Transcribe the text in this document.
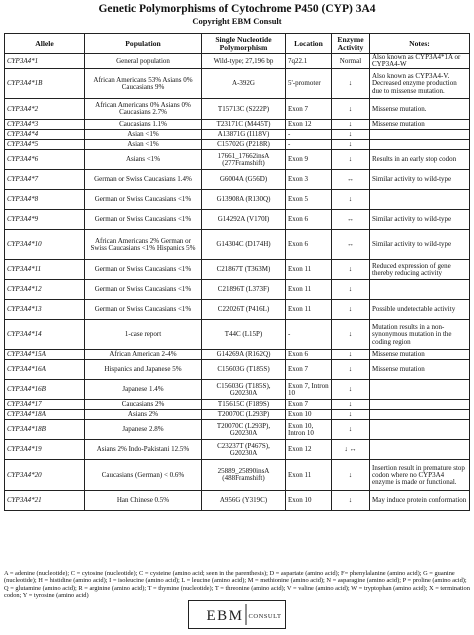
Genetic Polymorphisms of Cytochrome P450 (CYP) 3A4
Copyright EBM Consult
Allele	Population	Single Nucleotide Polymorphism	Location	Enzyme Activity	Notes:
CYP3A4*1	General population	Wild-type; 27,196 bp	7q22.1	Normal	Also known as CYP3A4*1A or CYP3A4-W
CYP3A4*1B	African Americans 53% Asians 0% Caucasians 9%	A-392G	5'-promoter	↓	Also known as CYP3A4-V. Decreased enzyme production due to missense mutation.
CYP3A4*2	African Americans 0% Asians 0% Caucasians 2.7%	T15713C (S222P)	Exon 7	↓	Missense mutation.
CYP3A4*3	Caucasians 1.1%	T23171C (M445T)	Exon 12	↓	Missense mutation
CYP3A4*4	Asian <1%	A13871G (I118V)	-	↓	
CYP3A4*5	Asian <1%	C15702G (P218R)	-	↓	
CYP3A4*6	Asians <1%	17661_17662insA (277Framshift)	Exon 9	↓	Results in an early stop codon
CYP3A4*7	German or Swiss Caucasians 1.4%	G6004A (G56D)	Exon 3	↔	Similar activity to wild-type
CYP3A4*8	German or Swiss Caucasians <1%	G13908A (R130Q)	Exon 5	↓	
CYP3A4*9	German or Swiss Caucasians <1%	G14292A (V170I)	Exon 6	↔	Similar activity to wild-type
CYP3A4*10	African Americans 2% German or Swiss Caucasians <1% Hispanics 5%	G14304C (D174H)	Exon 6	↔	Similar activity to wild-type
CYP3A4*11	German or Swiss Caucasians <1%	C21867T (T363M)	Exon 11	↓	Reduced expression of gene thereby reducing activity
CYP3A4*12	German or Swiss Caucasians <1%	C21896T (L373F)	Exon 11	↓	
CYP3A4*13	German or Swiss Caucasians <1%	C22026T (P416L)	Exon 11	↓	Possible undetectable activity
CYP3A4*14	1-case report	T44C (L15P)	-	↓	Mutation results in a non-synonymous mutation in the coding region
CYP3A4*15A	African American 2-4%	G14269A (R162Q)	Exon 6	↓	Missense mutation
CYP3A4*16A	Hispanics and Japanese 5%	C15603G (T185S)	Exon 7	↓	Missense mutation
CYP3A4*16B	Japanese 1.4%	C15603G (T185S), G20230A	Exon 7, Intron 10	↓	
CYP3A4*17	Caucasians 2%	T15615C (F189S)	Exon 7	↓	
CYP3A4*18A	Asians 2%	T20070C (L293P)	Exon 10	↓	
CYP3A4*18B	Japanese 2.8%	T20070C (L293P), G20230A	Exon 10, Intron 10	↓	
CYP3A4*19	Asians 2% Indo-Pakistani 12.5%	C23237T (P467S), G20230A	Exon 12	↓ ↔	
CYP3A4*20	Caucasians (German) < 0.6%	25889_25890insA (488Framshift)	Exon 11	↓	Insertion result in premature stop codon where no CYP3A4 enzyme is made or functional.
CYP3A4*21	Han Chinese 0.5%	A956G (Y319C)	Exon 10	↓	May induce protein conformation
A = adenine (nucleotide); C = cytosine (nucleotide); C = cysteine (amino acid; seen in the parenthesis); D = aspartate (amino acid); F= phenylalanine (amino acid); G = guanine (nucleotide); H = histidine (amino acid); I = isoleucine (amino acid); L = leucine (amino acid); M = methionine (amino acid); N = asparagine (amino acid); P = proline (amino acid); Q = glutamine (amino acid); R = arginine (amino acid); T = thymine (nucleotide); T = threonine (amino acid); V = valine (amino acid); W = tryptophan (amino acid); X = termination codon; Y = tyrosine (amino acid)
EBM CONSULT
